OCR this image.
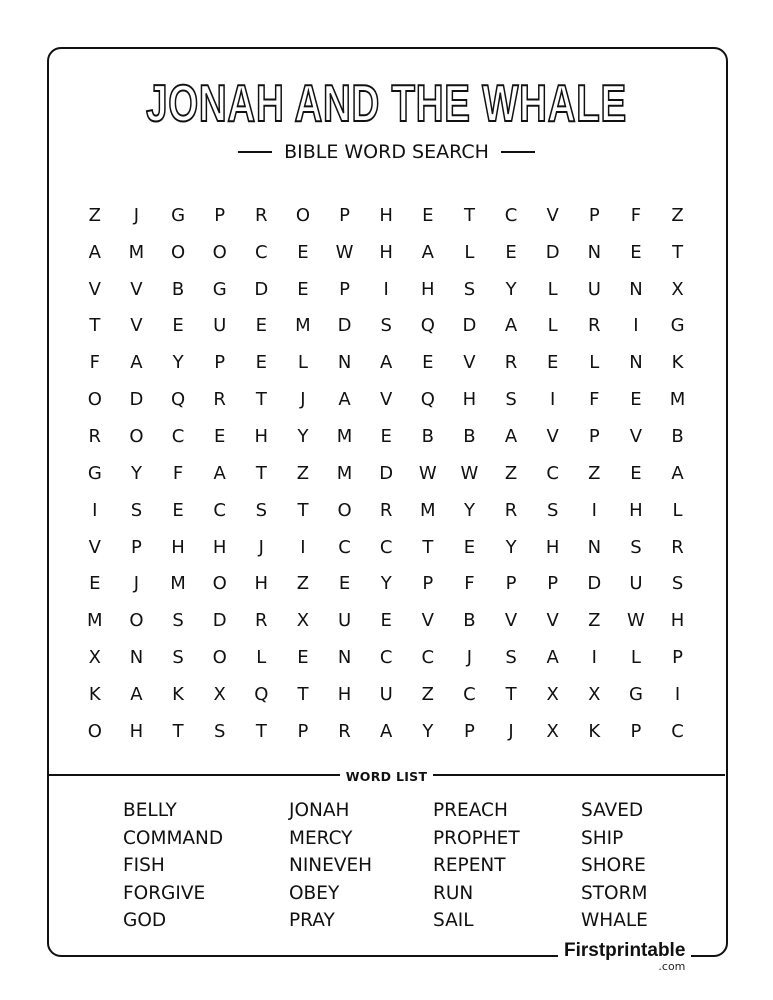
JONAH AND THE WHALE
BIBLE WORD SEARCH
Z	J	G	P	R	O	P	H	E	T	C	V	P	F	Z
A	M	O	O	C	E	W	H	A	L	E	D	N	E	T
V	V	B	G	D	E	P	I	H	S	Y	L	U	N	X
T	V	E	U	E	M	D	S	Q	D	A	L	R	I	G
F	A	Y	P	E	L	N	A	E	V	R	E	L	N	K
O	D	Q	R	T	J	A	V	Q	H	S	I	F	E	M
R	O	C	E	H	Y	M	E	B	B	A	V	P	V	B
G	Y	F	A	T	Z	M	D	W	W	Z	C	Z	E	A
I	S	E	C	S	T	O	R	M	Y	R	S	I	H	L
V	P	H	H	J	I	C	C	T	E	Y	H	N	S	R
E	J	M	O	H	Z	E	Y	P	F	P	P	D	U	S
M	O	S	D	R	X	U	E	V	B	V	V	Z	W	H
X	N	S	O	L	E	N	C	C	J	S	A	I	L	P
K	A	K	X	Q	T	H	U	Z	C	T	X	X	G	I
O	H	T	S	T	P	R	A	Y	P	J	X	K	P	C
WORD LIST
BELLY
COMMAND
FISH
FORGIVE
GOD
JONAH
MERCY
NINEVEH
OBEY
PRAY
PREACH
PROPHET
REPENT
RUN
SAIL
SAVED
SHIP
SHORE
STORM
WHALE
Firstprintable
.com
